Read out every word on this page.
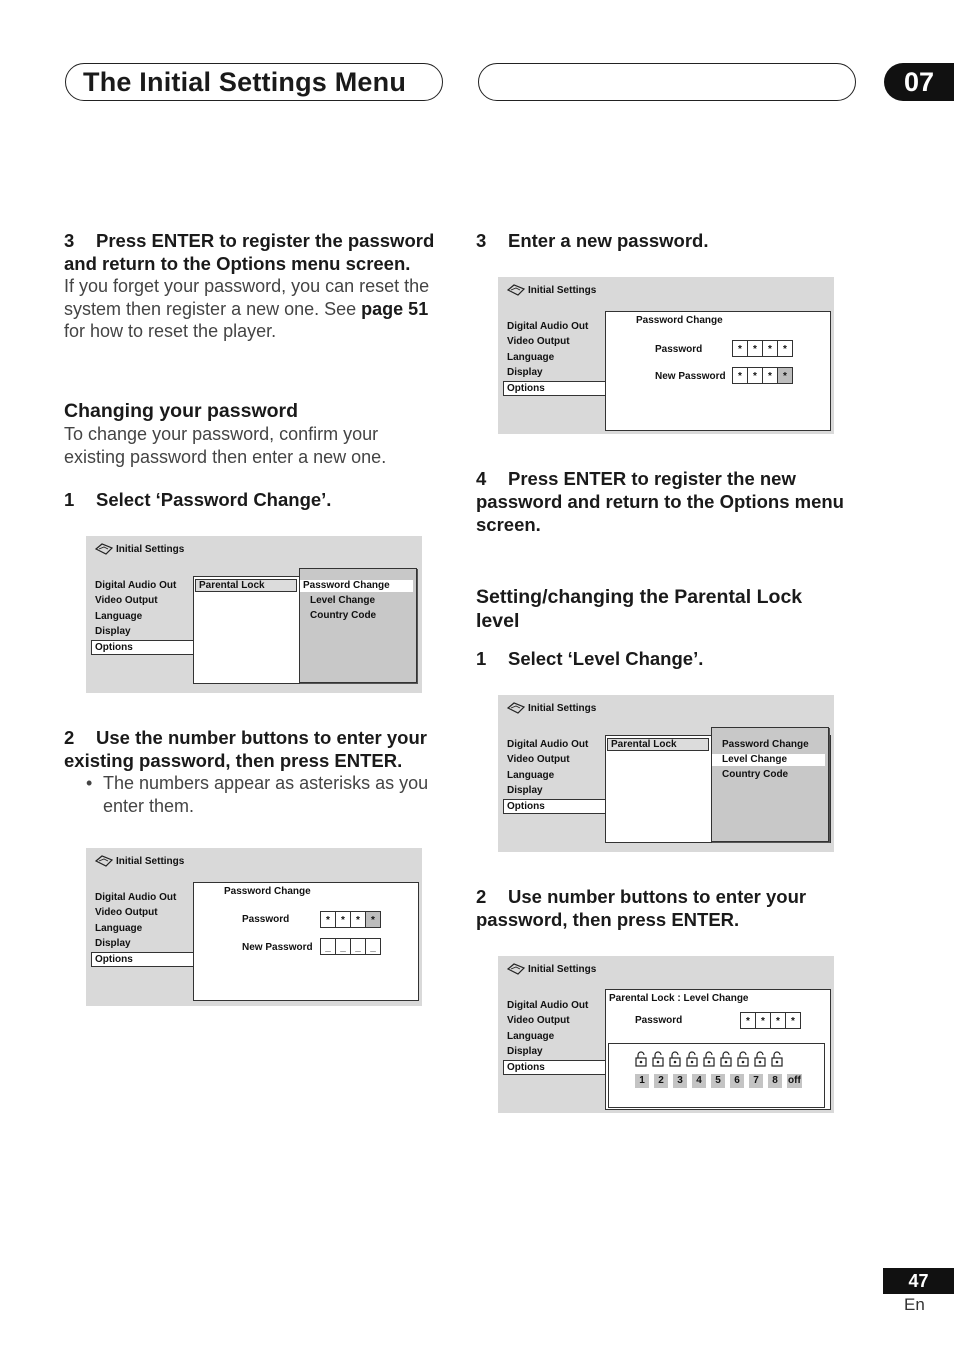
The Initial Settings Menu	07
3 Press ENTER to register the password and return to the Options menu screen.
If you forget your password, you can reset the system then register a new one. See page 51 for how to reset the player.
Changing your password
To change your password, confirm your existing password then enter a new one.
1 Select ‘Password Change’.
Initial Settings
Digital Audio Out
Video Output
Language
Display
Options
Parental Lock	Password Change
Level Change
Country Code
2 Use the number buttons to enter your existing password, then press ENTER.
• The numbers appear as asterisks as you enter them.
Initial Settings
Digital Audio Out
Video Output
Language
Display
Options
Password Change
Password	*	*	*	*
New Password	_ _ _ _
3 Enter a new password.
Initial Settings
Digital Audio Out
Video Output
Language
Display
Options
Password Change
Password	*	*	*	*
New Password	*	*	*	*
4 Press ENTER to register the new password and return to the Options menu screen.
Setting/changing the Parental Lock level
1 Select ‘Level Change’.
Initial Settings
Digital Audio Out
Video Output
Language
Display
Options
Parental Lock	Password Change
Level Change
Country Code
2 Use number buttons to enter your password, then press ENTER.
Initial Settings
Digital Audio Out
Video Output
Language
Display
Options
Parental Lock : Level Change
Password	*	*	*	*
1	2	3	4	5	6	7	8	off
47
En
